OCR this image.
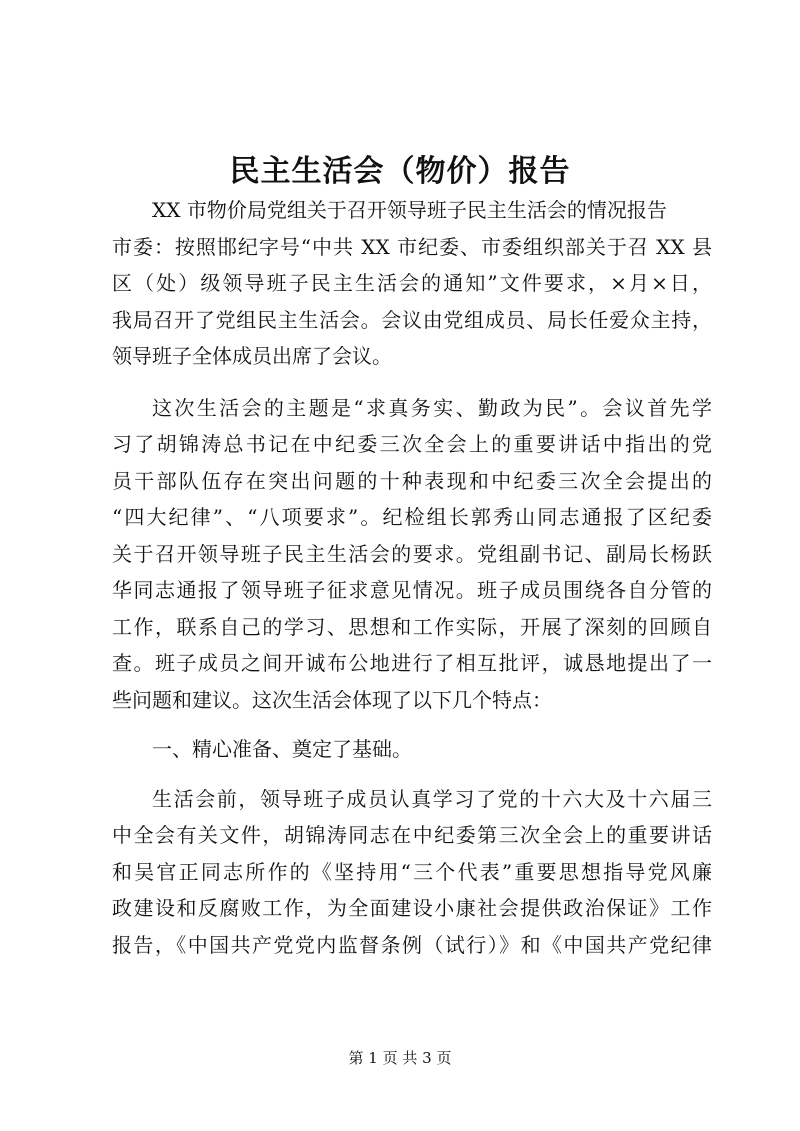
民主生活会（物价）报告

XX 市物价局党组关于召开领导班子民主生活会的情况报告

市委：按照邯纪字号“中共 XX 市纪委、市委组织部关于召 XX 县

区（处）级领导班子民主生活会的通知”文件要求，×月×日，

我局召开了党组民主生活会。会议由党组成员、局长任爱众主持，

领导班子全体成员出席了会议。

这次生活会的主题是“求真务实、勤政为民”。会议首先学

习了胡锦涛总书记在中纪委三次全会上的重要讲话中指出的党

员干部队伍存在突出问题的十种表现和中纪委三次全会提出的

“四大纪律”、“八项要求”。纪检组长郭秀山同志通报了区纪委

关于召开领导班子民主生活会的要求。党组副书记、副局长杨跃

华同志通报了领导班子征求意见情况。班子成员围绕各自分管的

工作，联系自己的学习、思想和工作实际，开展了深刻的回顾自

查。班子成员之间开诚布公地进行了相互批评，诚恳地提出了一

些问题和建议。这次生活会体现了以下几个特点：

一、精心准备、奠定了基础。

生活会前，领导班子成员认真学习了党的十六大及十六届三

中全会有关文件，胡锦涛同志在中纪委第三次全会上的重要讲话

和吴官正同志所作的《坚持用“三个代表”重要思想指导党风廉

政建设和反腐败工作，为全面建设小康社会提供政治保证》工作

报告，《中国共产党党内监督条例（试行）》和《中国共产党纪律

第 1 页 共 3 页
